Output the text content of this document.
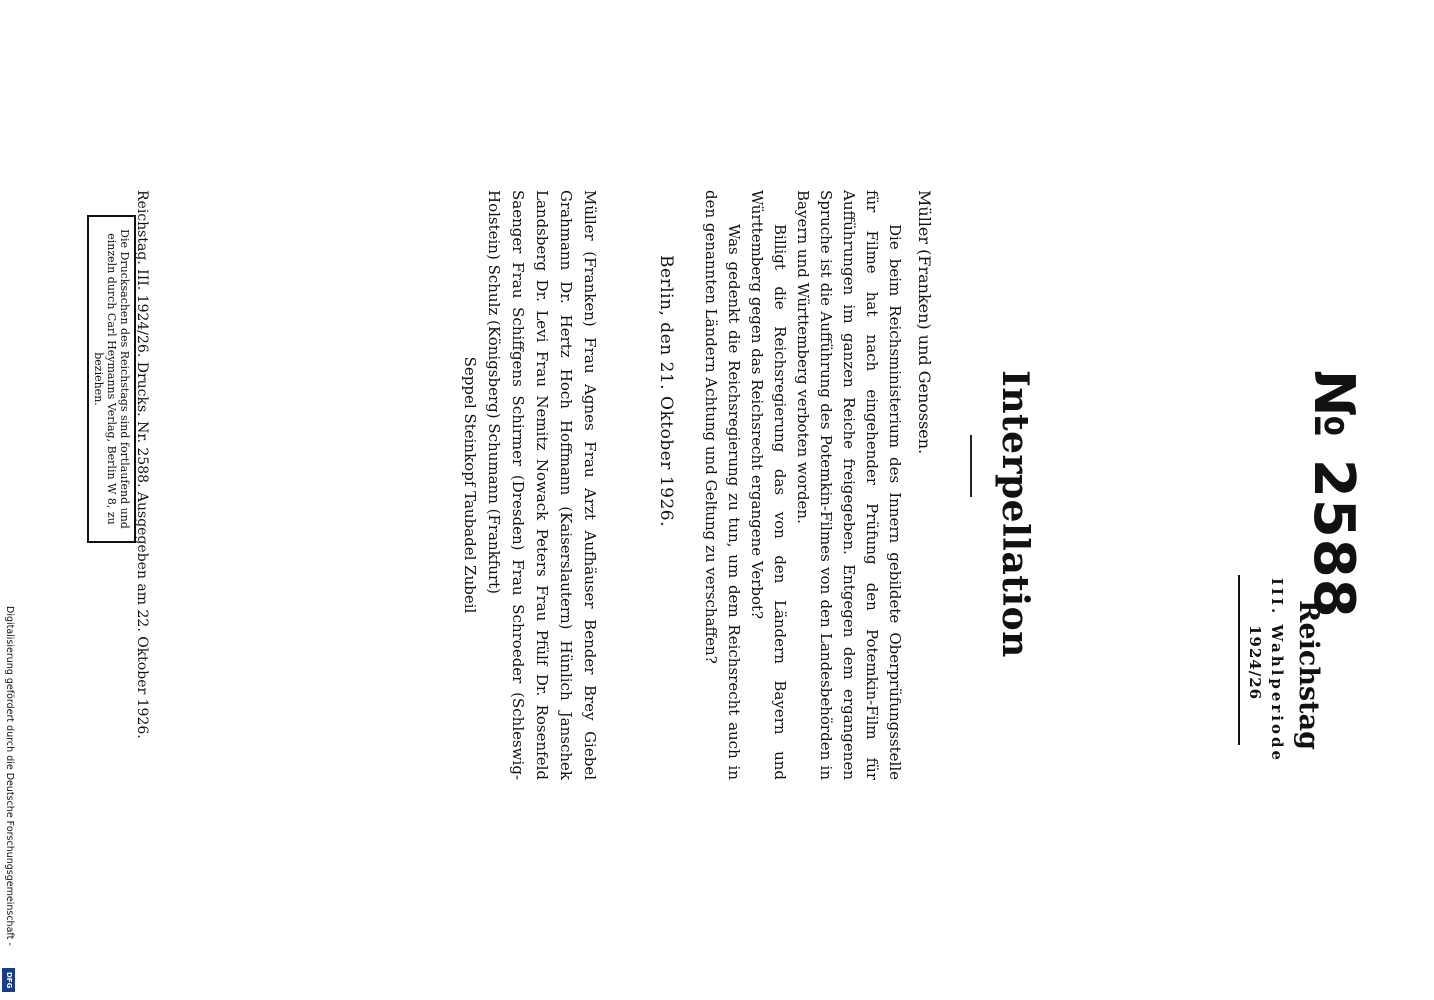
№ 2588
Reichstag
III. Wahlperiode
1924/26
Interpellation
Müller (Franken) und Genossen.

Die beim Reichsministerium des Innern gebildete Oberprüfungsstelle für Filme hat nach eingehender Prüfung den Potemkin-Film für Aufführungen im ganzen Reiche freigegeben. Entgegen dem ergangenen Spruche ist die Aufführung des Potemkin-Filmes von den Landesbehörden in Bayern und Württemberg verboten worden.

Billigt die Reichsregierung das von den Ländern Bayern und Württemberg gegen das Reichsrecht ergangene Verbot?

Was gedenkt die Reichsregierung zu tun, um dem Reichsrecht auch in den genannten Ländern Achtung und Geltung zu verschaffen?

Berlin, den 21. Oktober 1926.
Müller (Franken) Frau Agnes Frau Arzt Aufhäuser Bender Brey Giebel Grahmann Dr. Hertz Hoch Hoffmann (Kaiserslautern) Hünlich Janschek Landsberg Dr. Levi Frau Nemitz Nowack Peters Frau Pfülf Dr. Rosenfeld Saenger Frau Schiffgens Schirmer (Dresden) Frau Schroeder (Schleswig-Holstein) Schulz (Königsberg) Schumann (Frankfurt)
Seppel Steinkopf Taubadel Zubeil
Reichstag. III. 1924/26. Drucks. Nr. 2588. Ausgegeben am 22. Oktober 1926.
Die Drucksachen des Reichstags sind fortlaufend und einzeln durch Carl Heymanns Verlag, Berlin W 8, zu beziehen.
Digitalisierung gefördert durch die Deutsche Forschungsgemeinschaft -
DFG
